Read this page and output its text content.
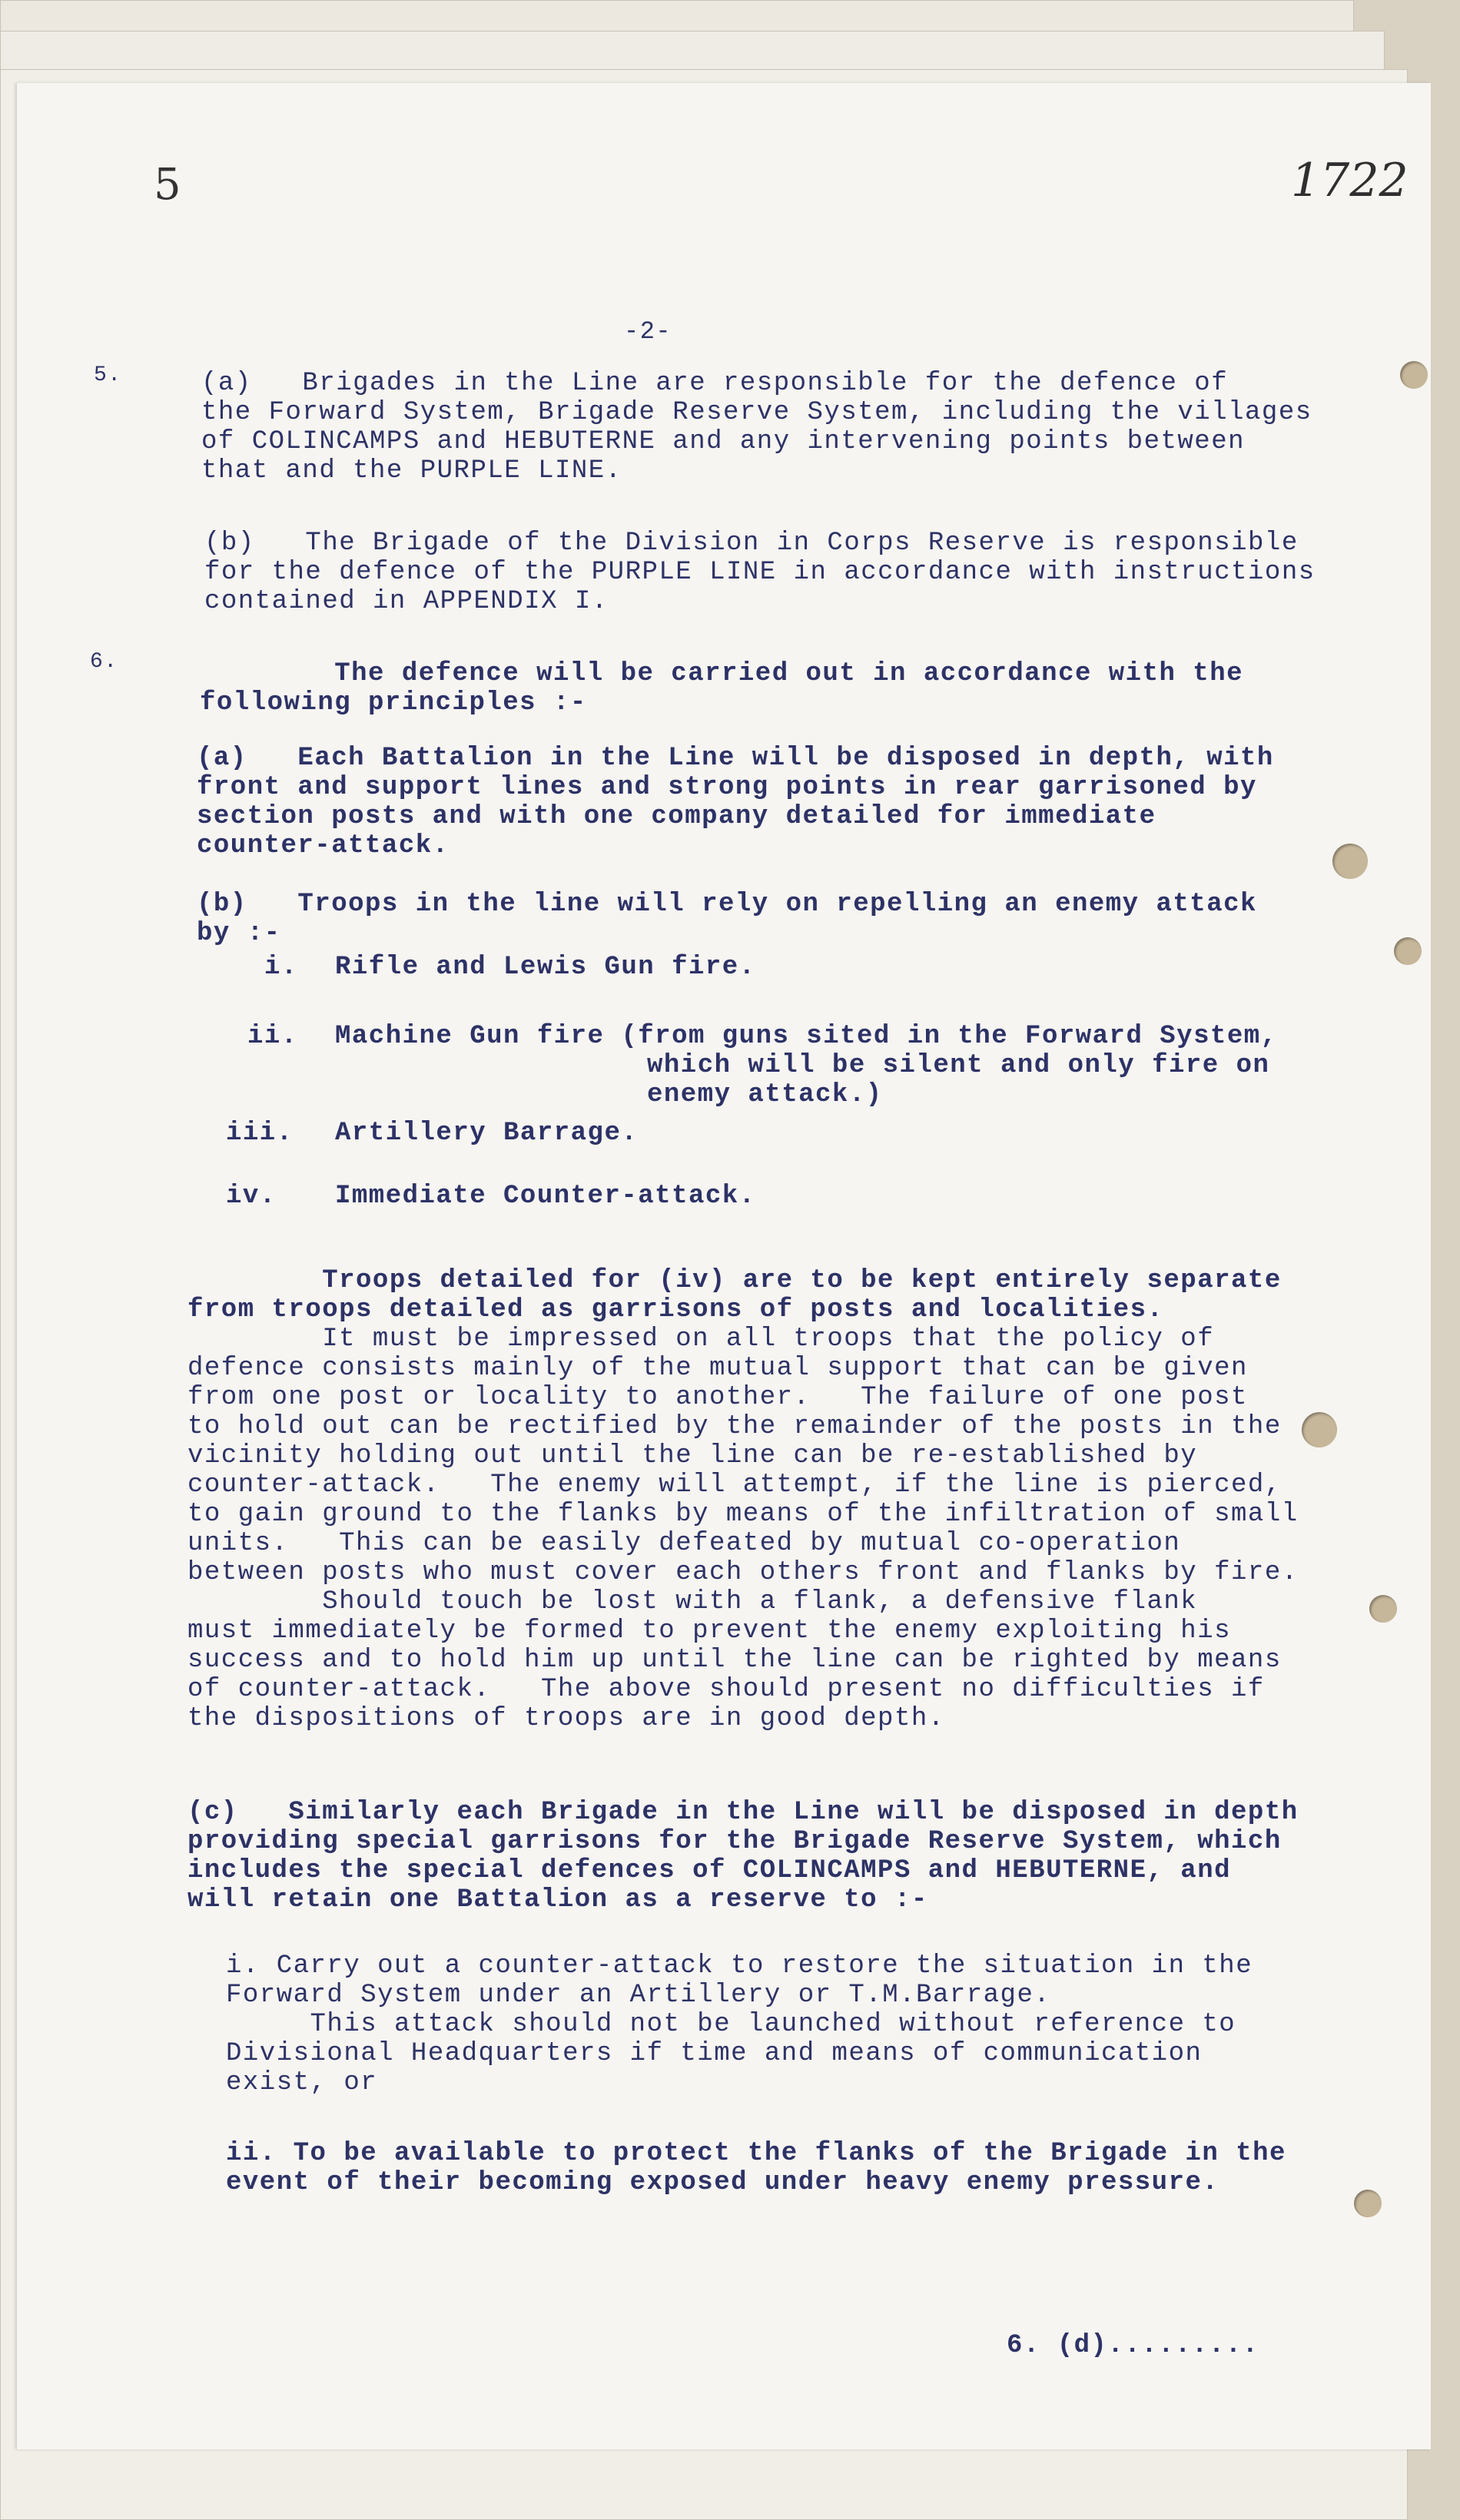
5	1722
-2-
5.	(a)   Brigades in the Line are responsible for the defence of
the Forward System, Brigade Reserve System, including the villages
of COLINCAMPS and HEBUTERNE and any intervening points between
that and the PURPLE LINE.
(b)   The Brigade of the Division in Corps Reserve is responsible
for the defence of the PURPLE LINE in accordance with instructions
contained in APPENDIX I.
6.	The defence will be carried out in accordance with the
following principles :-
(a)   Each Battalion in the Line will be disposed in depth, with
front and support lines and strong points in rear garrisoned by
section posts and with one company detailed for immediate
counter-attack.
(b)   Troops in the line will rely on repelling an enemy attack
by :-
i. Rifle and Lewis Gun fire.
ii. Machine Gun fire (from guns sited in the Forward System,
which will be silent and only fire on
enemy attack.)
iii. Artillery Barrage.
iv. Immediate Counter-attack.
Troops detailed for (iv) are to be kept entirely separate
from troops detailed as garrisons of posts and localities.
It must be impressed on all troops that the policy of
defence consists mainly of the mutual support that can be given
from one post or locality to another.   The failure of one post
to hold out can be rectified by the remainder of the posts in the
vicinity holding out until the line can be re-established by
counter-attack.   The enemy will attempt, if the line is pierced,
to gain ground to the flanks by means of the infiltration of small
units.   This can be easily defeated by mutual co-operation
between posts who must cover each others front and flanks by fire.
Should touch be lost with a flank, a defensive flank
must immediately be formed to prevent the enemy exploiting his
success and to hold him up until the line can be righted by means
of counter-attack.   The above should present no difficulties if
the dispositions of troops are in good depth.
(c)   Similarly each Brigade in the Line will be disposed in depth
providing special garrisons for the Brigade Reserve System, which
includes the special defences of COLINCAMPS and HEBUTERNE, and
will retain one Battalion as a reserve to :-
i. Carry out a counter-attack to restore the situation in the
Forward System under an Artillery or T.M.Barrage.
This attack should not be launched without reference to
Divisional Headquarters if time and means of communication
exist, or
ii. To be available to protect the flanks of the Brigade in the
event of their becoming exposed under heavy enemy pressure.
6. (d).........
